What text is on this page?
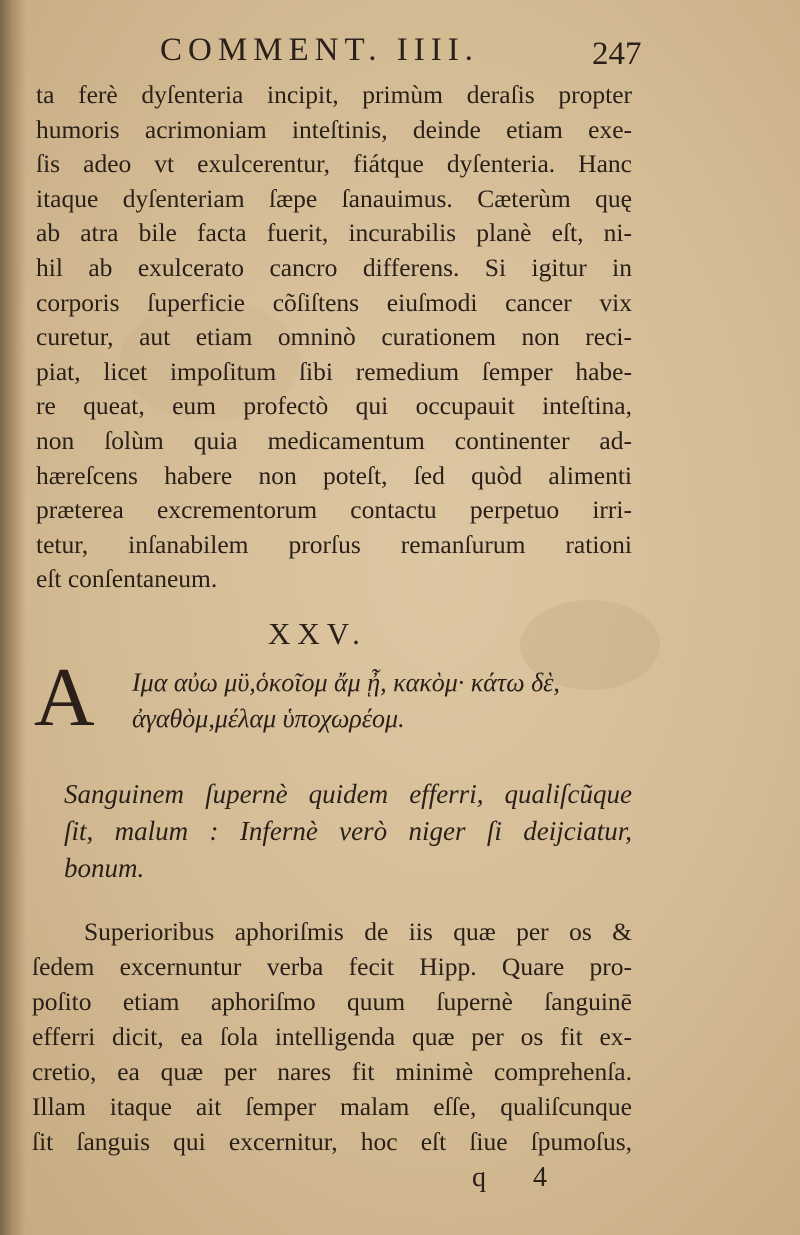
COMMENT. IIII.	247
ta ferè dyſenteria incipit, primùm deraſis propter
humoris acrimoniam inteſtinis, deinde etiam exe-
ſis adeo vt exulcerentur, fiátque dyſenteria. Hanc
itaque dyſenteriam ſæpe ſanauimus. Cæterùm quę
ab atra bile facta fuerit, incurabilis planè eſt, ni-
hil ab exulcerato cancro differens. Si igitur in
corporis ſuperficie cõſiſtens eiuſmodi cancer vix
curetur, aut etiam omninò curationem non reci-
piat, licet impoſitum ſibi remedium ſemper habe-
re queat, eum profectò qui occupauit inteſtina,
non ſolùm quia medicamentum continenter ad-
hæreſcens habere non poteſt, ſed quòd alimenti
præterea excrementorum contactu perpetuo irri-
tetur, inſanabilem prorſus remanſurum rationi
eſt conſentaneum.
XXV.
A Ιμα αὐω μϋ,ὁκοῖομ ἄμ ᾖ, κακὸμ· κάτω δὲ,
ἀγαθὸμ,μέλαμ ὑποχωρέομ.
Sanguinem ſupernè quidem efferri, qualiſcũque
ſit, malum : Infernè verò niger ſi deijciatur,
bonum.
Superioribus aphoriſmis de iis quæ per os &
ſedem excernuntur verba fecit Hipp. Quare pro-
poſito etiam aphoriſmo quum ſupernè ſanguinē
efferri dicit, ea ſola intelligenda quæ per os fit ex-
cretio, ea quæ per nares fit minimè comprehenſa.
Illam itaque ait ſemper malam eſſe, qualiſcunque
ſit ſanguis qui excernitur, hoc eſt ſiue ſpumoſus,
q 4
